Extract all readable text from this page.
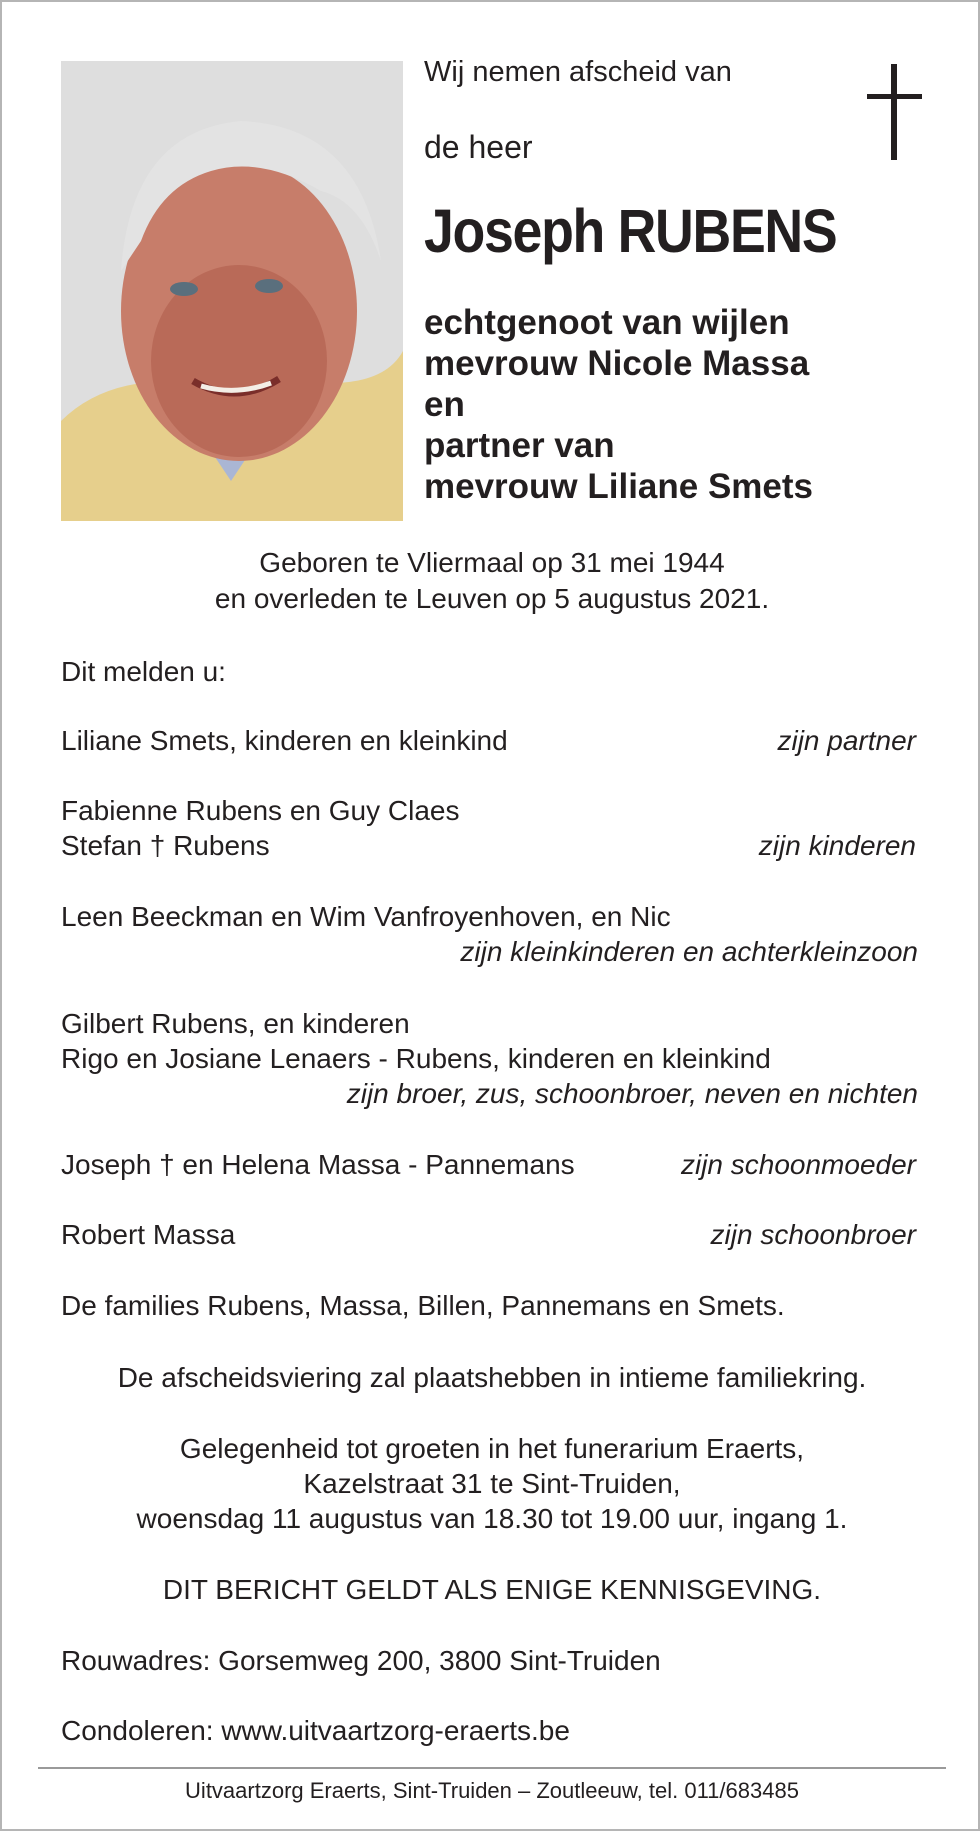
Wij nemen afscheid van
de heer
Joseph RUBENS
echtgenoot van wijlen
mevrouw Nicole Massa
en
partner van
mevrouw Liliane Smets
Geboren te Vliermaal op 31 mei 1944
en overleden te Leuven op 5 augustus 2021.
Dit melden u:
Liliane Smets, kinderen en kleinkind	zijn partner
Fabienne Rubens en Guy Claes
Stefan † Rubens	zijn kinderen
Leen Beeckman en Wim Vanfroyenhoven, en Nic
zijn kleinkinderen en achterkleinzoon
Gilbert Rubens, en kinderen
Rigo en Josiane Lenaers - Rubens, kinderen en kleinkind
zijn broer, zus, schoonbroer, neven en nichten
Joseph † en Helena Massa - Pannemans	zijn schoonmoeder
Robert Massa	zijn schoonbroer
De families Rubens, Massa, Billen, Pannemans en Smets.
De afscheidsviering zal plaatshebben in intieme familiekring.
Gelegenheid tot groeten in het funerarium Eraerts,
Kazelstraat 31 te Sint-Truiden,
woensdag 11 augustus van 18.30 tot 19.00 uur, ingang 1.
DIT BERICHT GELDT ALS ENIGE KENNISGEVING.
Rouwadres: Gorsemweg 200, 3800 Sint-Truiden
Condoleren: www.uitvaartzorg-eraerts.be
Uitvaartzorg Eraerts, Sint-Truiden – Zoutleeuw, tel. 011/683485
